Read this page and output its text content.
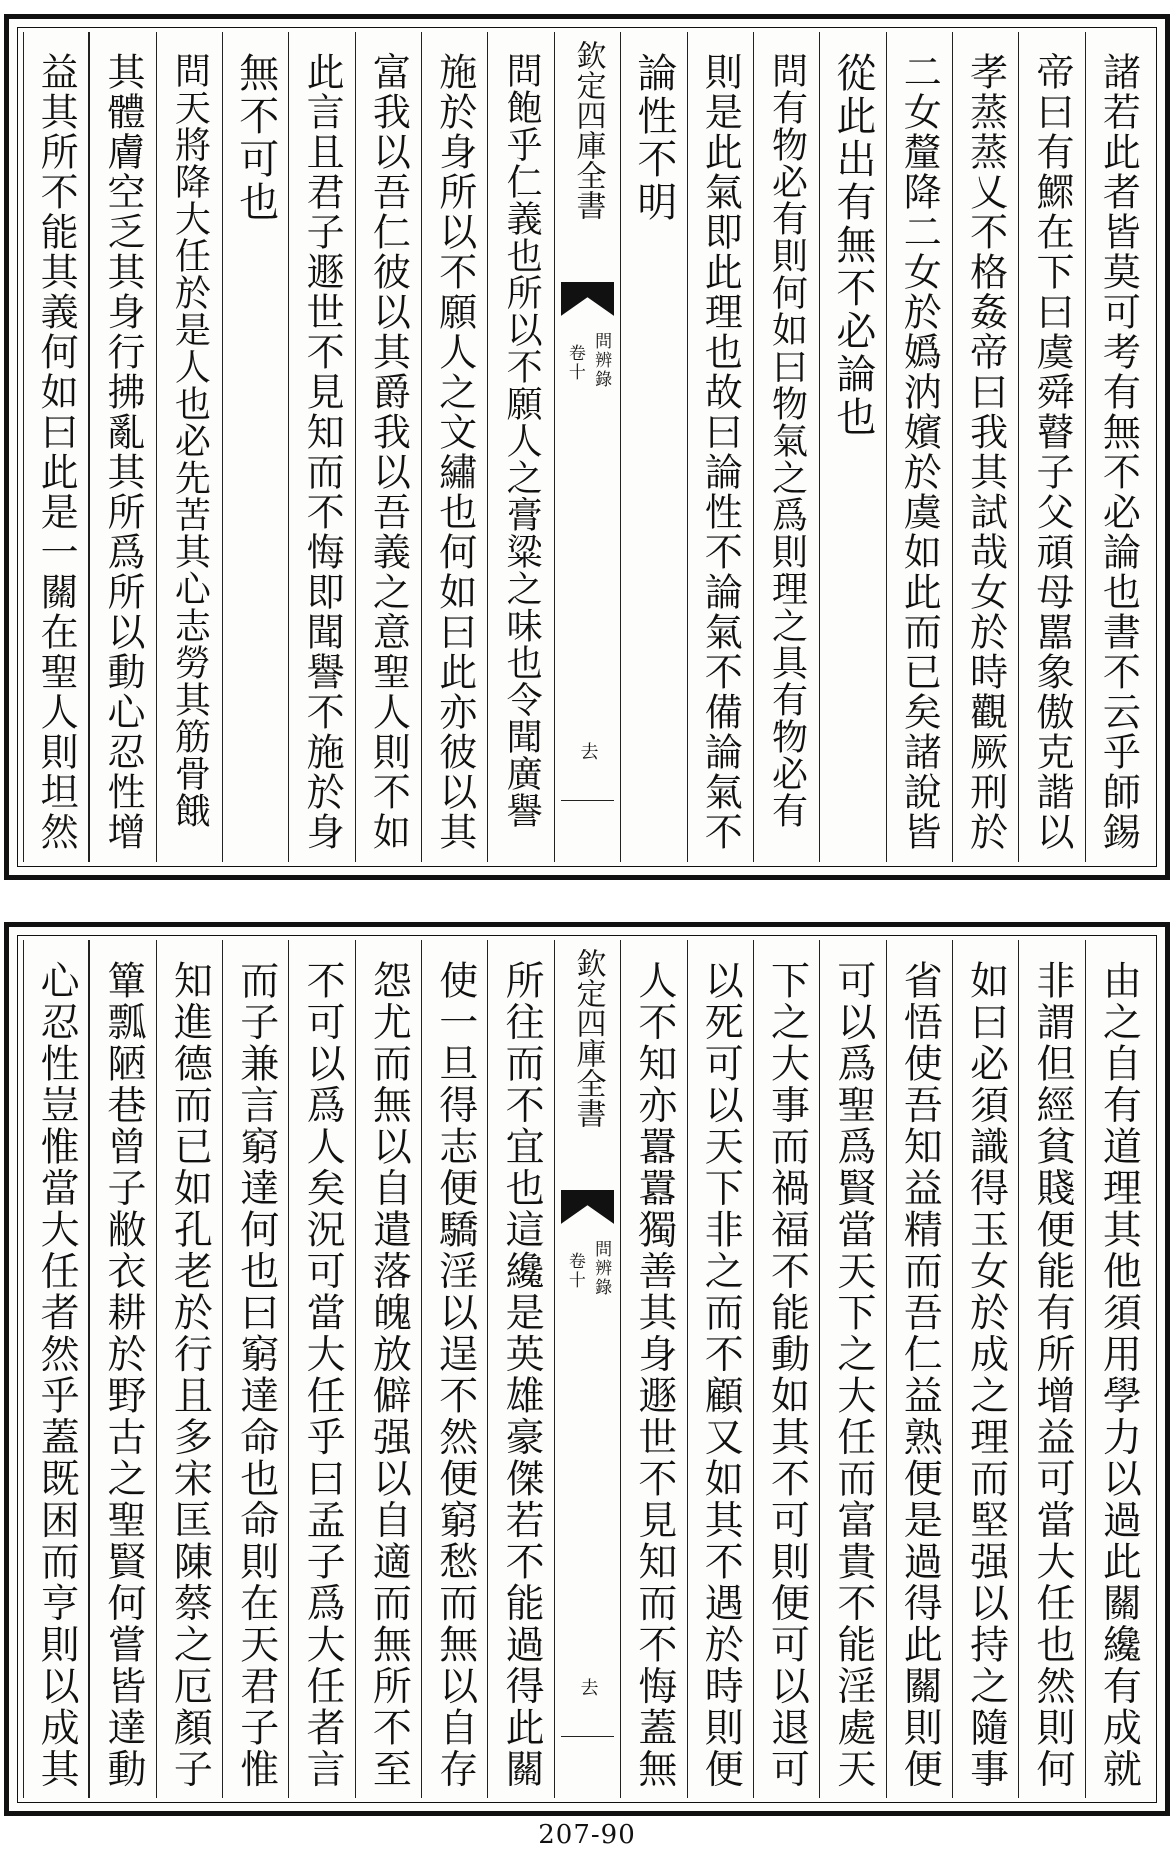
諸若此者皆莫可考有無不必論也書不云乎師錫
帝曰有鰥在下曰虞舜瞽子父頑母嚚象傲克諧以
孝蒸蒸乂不格姦帝曰我其試哉女於時觀厥刑於
二女釐降二女於嬀汭嬪於虞如此而已矣諸說皆
從此出有無不必論也
問有物必有則何如曰物氣之爲則理之具有物必有
則是此氣即此理也故曰論性不論氣不備論氣不
論性不明
欽定四庫全書
問辨錄
卷十
去
問飽乎仁義也所以不願人之膏粱之味也令聞廣譽
施於身所以不願人之文繡也何如曰此亦彼以其
富我以吾仁彼以其爵我以吾義之意聖人則不如
此言且君子遯世不見知而不悔即聞譽不施於身
無不可也
問天將降大任於是人也必先苦其心志勞其筋骨餓
其體膚空乏其身行拂亂其所爲所以動心忍性增
益其所不能其義何如曰此是一關在聖人則坦然
由之自有道理其他須用學力以過此關纔有成就
非謂但經貧賤便能有所增益可當大任也然則何
如曰必須識得玉女於成之理而堅强以持之隨事
省悟使吾知益精而吾仁益熟便是過得此關則便
可以爲聖爲賢當天下之大任而富貴不能淫處天
下之大事而禍福不能動如其不可則便可以退可
以死可以天下非之而不顧又如其不遇於時則便
人不知亦囂囂獨善其身遯世不見知而不悔蓋無
欽定四庫全書
問辨錄
卷十
去
所往而不宜也這纔是英雄豪傑若不能過得此關
使一旦得志便驕淫以逞不然便窮愁而無以自存
怨尤而無以自遣落魄放僻强以自適而無所不至
不可以爲人矣況可當大任乎曰孟子爲大任者言
而子兼言窮達何也曰窮達命也命則在天君子惟
知進德而已如孔老於行且多宋匡陳蔡之厄顏子
簞瓢陋巷曾子敝衣耕於野古之聖賢何嘗皆達動
心忍性豈惟當大任者然乎蓋既困而亨則以成其
207-90
